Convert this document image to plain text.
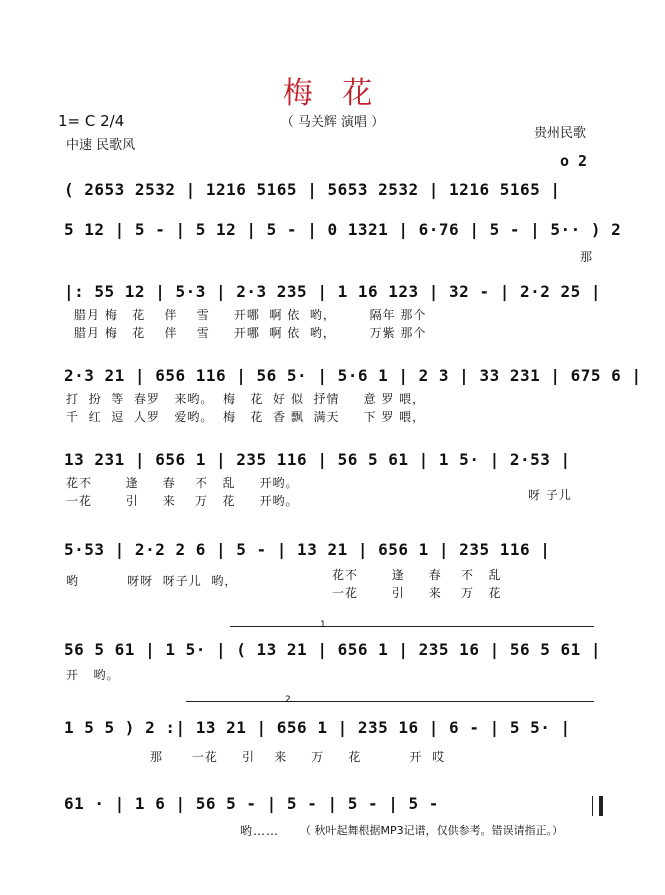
梅 花
（ 马关辉 演唱 ）
1= C 2/4
中速 民歌风
贵州民歌
o 2
( 2653 2532 | 1216 5165 | 5653 2532 | 1216 5165 |
5 12 | 5 - | 5 12 | 5 - | 0 1321 | 6·76 | 5 - | 5·· ) 2
那
|: 55 12 | 5·3 | 2·3 235 | 1 16 123 | 32 - | 2·2 25 |
腊月 梅   花    伴    雪     开哪  啊 依  哟，       隔年 那个
腊月 梅   花    伴    雪     开哪  啊 依  哟，       万紫 那个
2·3 21 | 656 116 | 56 5· | 5·6 1 | 2 3 | 33 231 | 675 6 |
打  扮  等  春罗   来哟。  梅   花  好 似  抒情     意 罗 喂，
千  红  逗  人罗   爱哟。  梅   花  香 飘  满天     下 罗 喂，
13 231 | 656 1 | 235 116 | 56 5 61 | 1 5· | 2·53 |
花不       逢     春    不   乱     开哟。
一花       引     来    万   花     开哟。	呀 子儿
5·53 | 2·2 2 6 | 5 - | 13 21 | 656 1 | 235 116 |
哟          呀呀  呀子儿  哟，	花不       逢     春    不   乱
一花       引     来    万   花
1
56 5 61 | 1 5· | ( 13 21 | 656 1 | 235 16 | 56 5 61 |
开   哟。
2
1 5 5 ) 2 :| 13 21 | 656 1 | 235 16 | 6 - | 5 5· |
那      一花     引    来     万     花          开  哎
61 · | 1 6 | 56 5 - | 5 - | 5 - | 5 -
哟…… （ 秋叶起舞根据MP3记谱，仅供参考。错误请指正。）
